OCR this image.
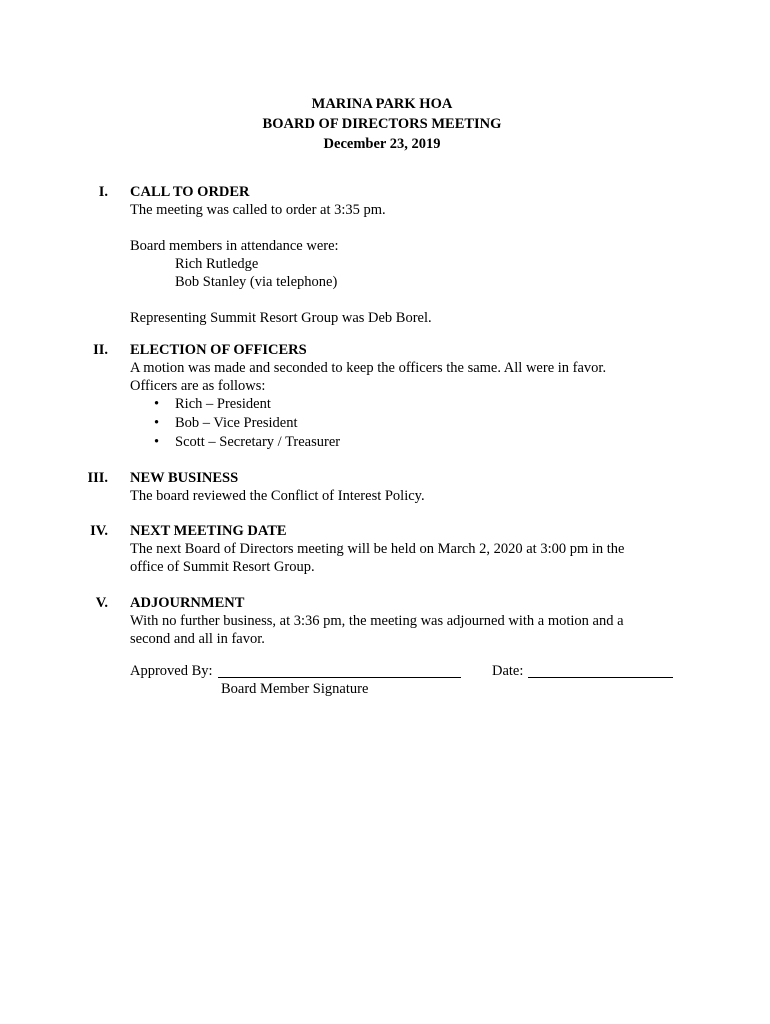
MARINA PARK HOA
BOARD OF DIRECTORS MEETING
December 23, 2019
I. CALL TO ORDER
The meeting was called to order at 3:35 pm.
Board members in attendance were:
Rich Rutledge
Bob Stanley (via telephone)
Representing Summit Resort Group was Deb Borel.
II. ELECTION OF OFFICERS
A motion was made and seconded to keep the officers the same. All were in favor.
Officers are as follows:
• Rich – President
• Bob – Vice President
• Scott – Secretary / Treasurer
III. NEW BUSINESS
The board reviewed the Conflict of Interest Policy.
IV. NEXT MEETING DATE
The next Board of Directors meeting will be held on March 2, 2020 at 3:00 pm in the
office of Summit Resort Group.
V. ADJOURNMENT
With no further business, at 3:36 pm, the meeting was adjourned with a motion and a
second and all in favor.
Approved By:	Date:
Board Member Signature
